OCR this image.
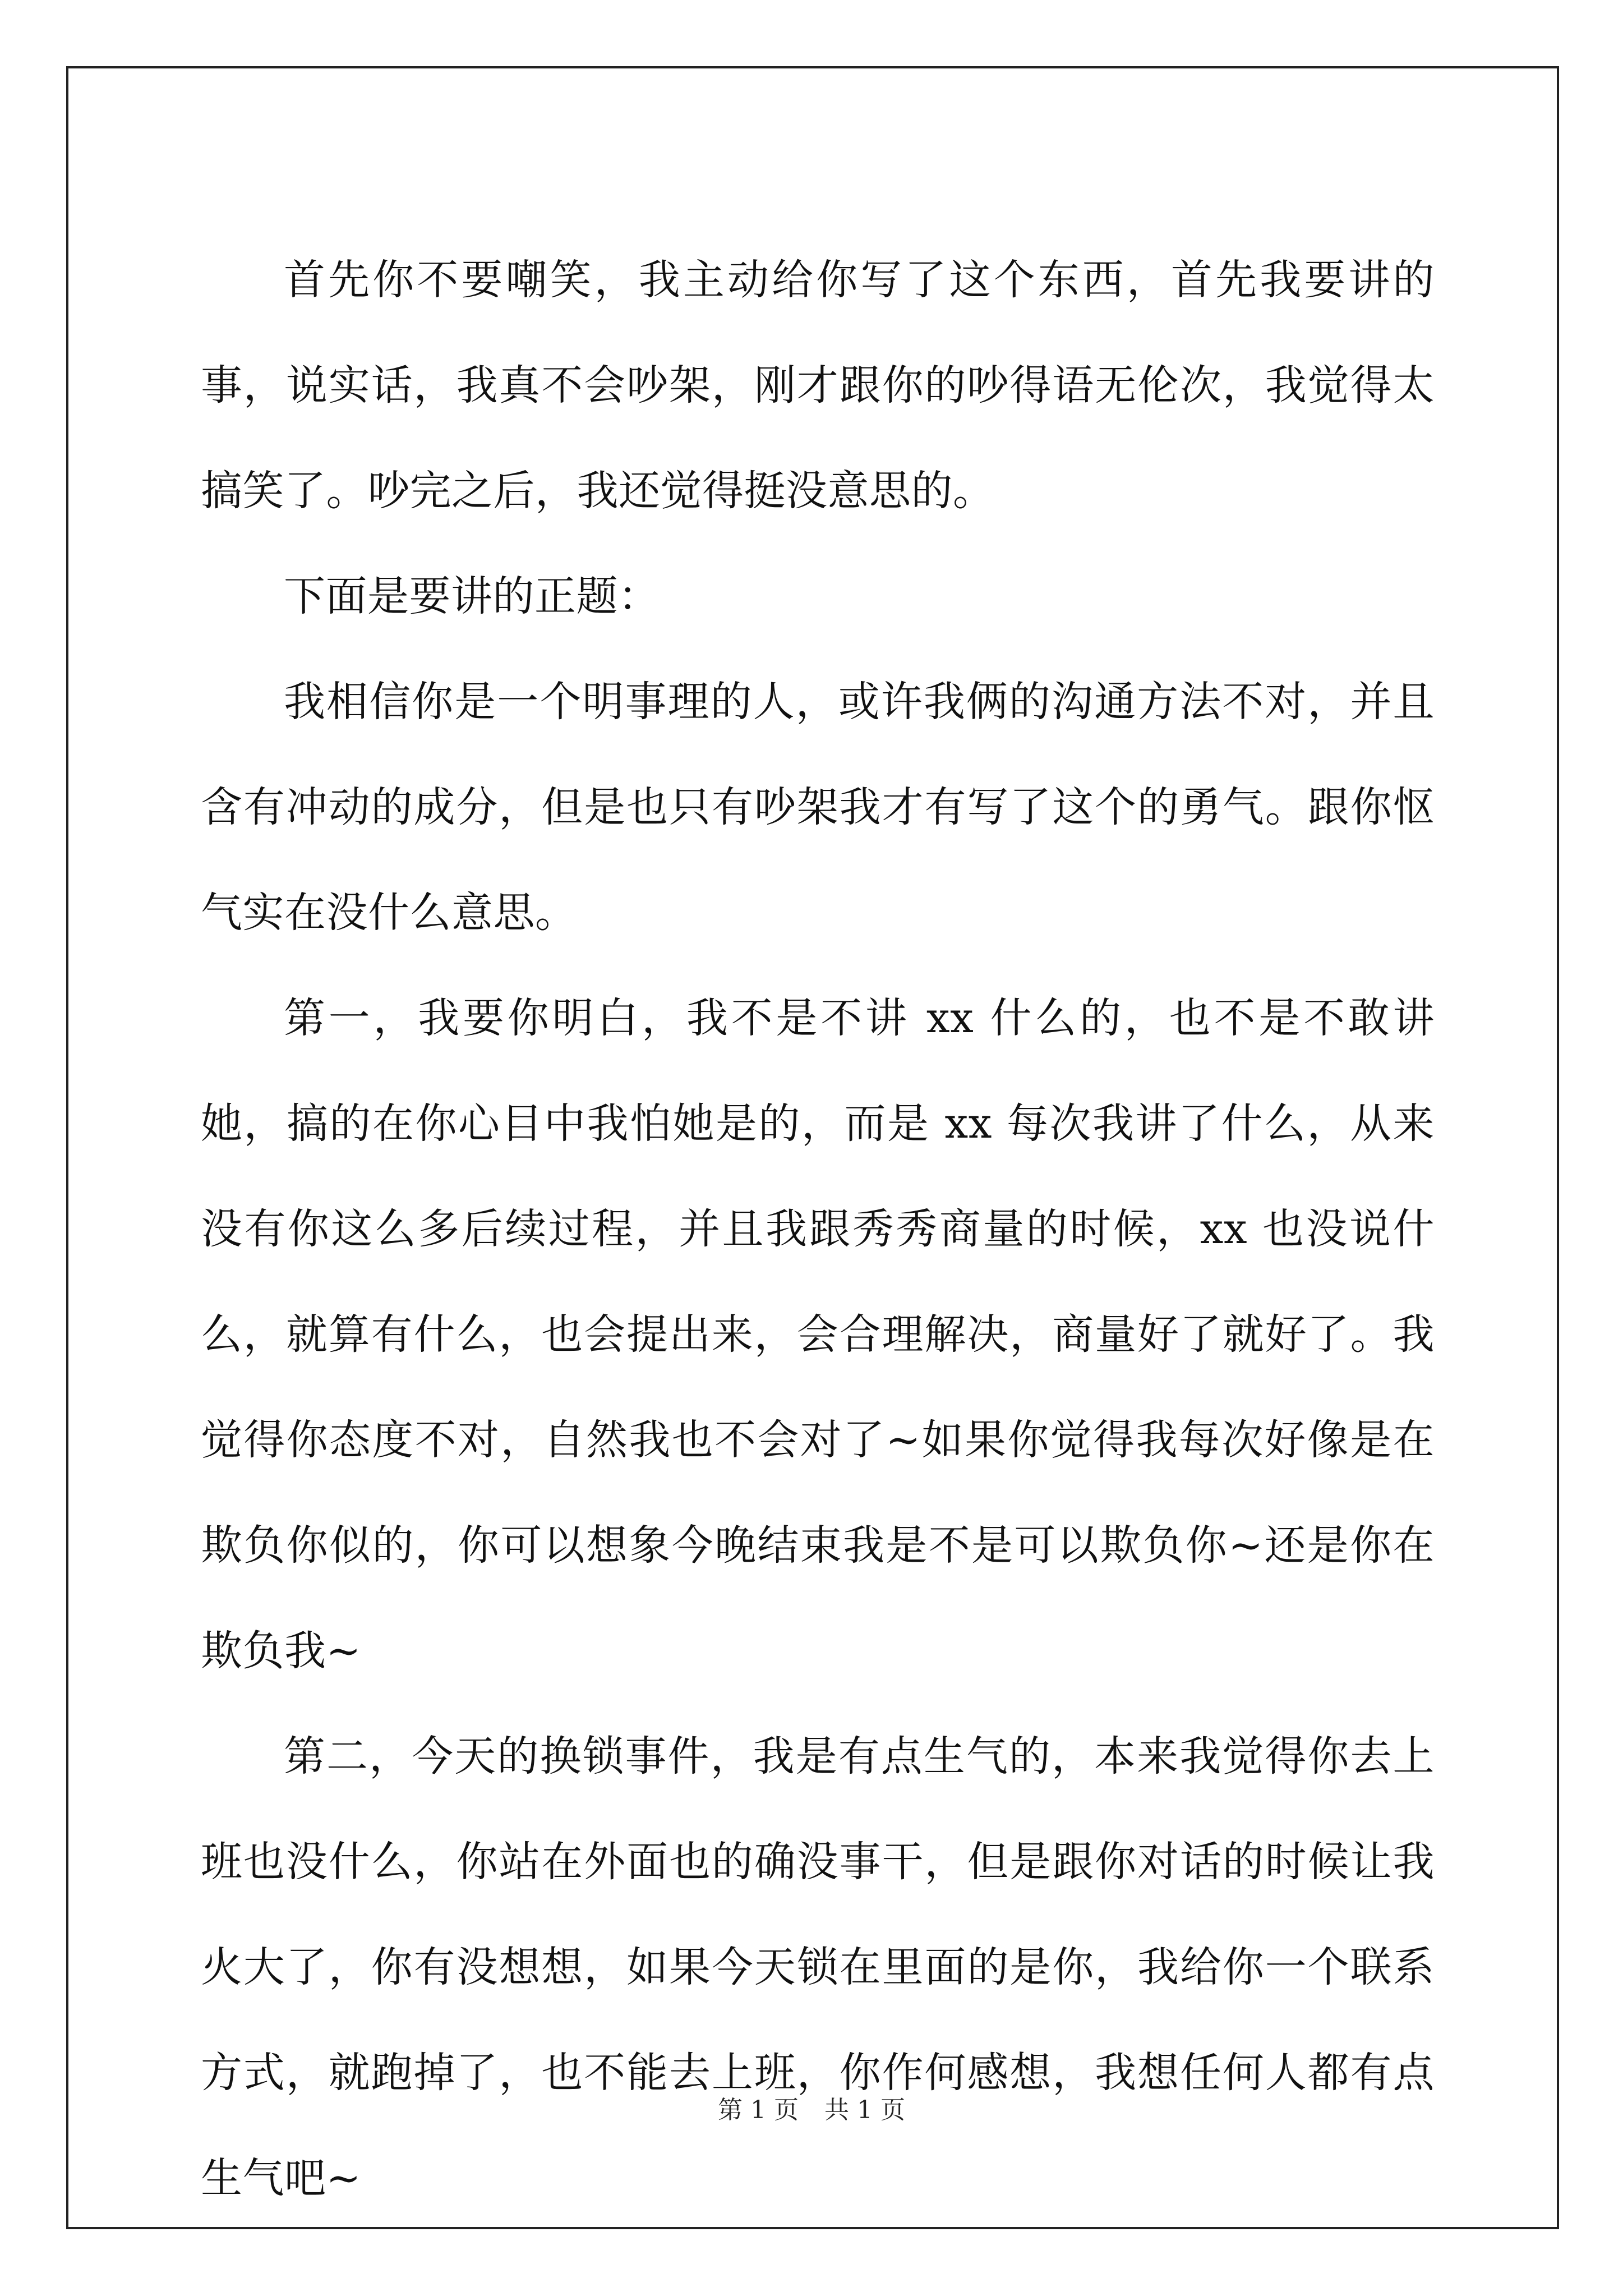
首先你不要嘲笑，我主动给你写了这个东西，首先我要讲的事，说实话，我真不会吵架，刚才跟你的吵得语无伦次，我觉得太搞笑了。吵完之后，我还觉得挺没意思的。

下面是要讲的正题：

我相信你是一个明事理的人，或许我俩的沟通方法不对，并且含有冲动的成分，但是也只有吵架我才有写了这个的勇气。跟你怄气实在没什么意思。

第一，我要你明白，我不是不讲 xx 什么的，也不是不敢讲她，搞的在你心目中我怕她是的，而是 xx 每次我讲了什么，从来没有你这么多后续过程，并且我跟秀秀商量的时候，xx 也没说什么，就算有什么，也会提出来，会合理解决，商量好了就好了。我觉得你态度不对，自然我也不会对了~如果你觉得我每次好像是在欺负你似的，你可以想象今晚结束我是不是可以欺负你~还是你在欺负我~

第二，今天的换锁事件，我是有点生气的，本来我觉得你去上班也没什么，你站在外面也的确没事干，但是跟你对话的时候让我火大了，你有没想想，如果今天锁在里面的是你，我给你一个联系方式，就跑掉了，也不能去上班，你作何感想，我想任何人都有点生气吧~

第 1 页 共 1 页
